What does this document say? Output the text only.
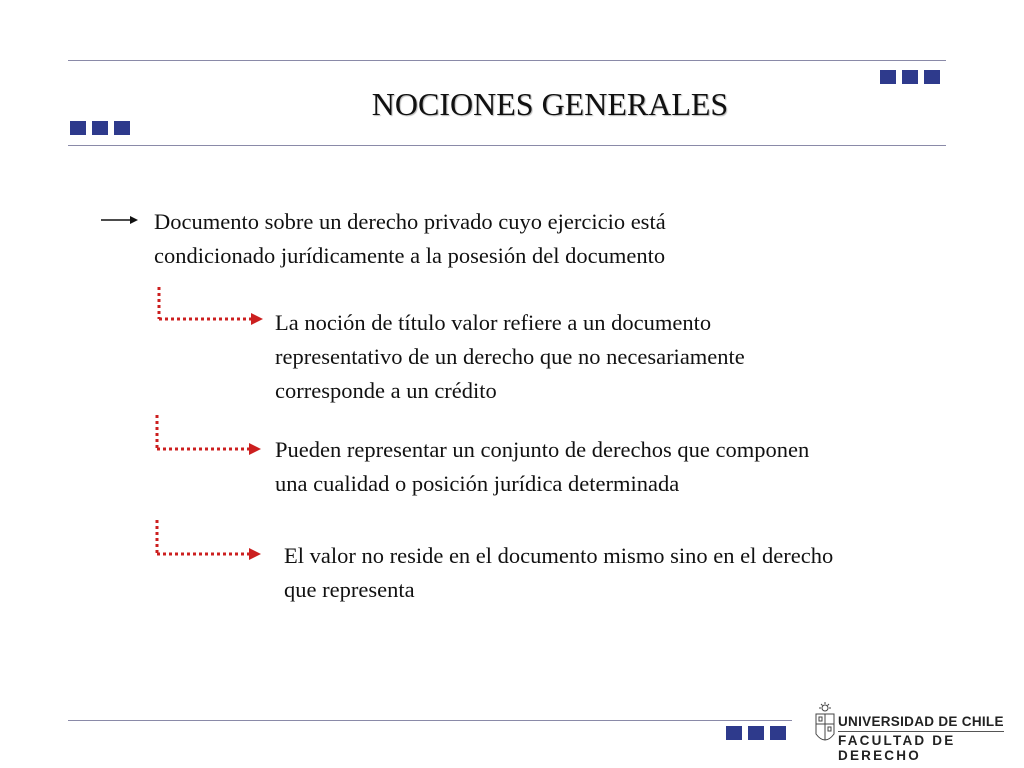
NOCIONES GENERALES
Documento sobre un derecho privado cuyo ejercicio está
condicionado jurídicamente a la posesión del documento
La noción de título valor refiere a un documento
representativo de un derecho que no necesariamente
corresponde a un crédito
Pueden representar un conjunto de derechos que componen
una cualidad o posición jurídica determinada
El valor no reside en el documento mismo sino en el derecho
que representa
UNIVERSIDAD DE CHILE
FACULTAD DE DERECHO
